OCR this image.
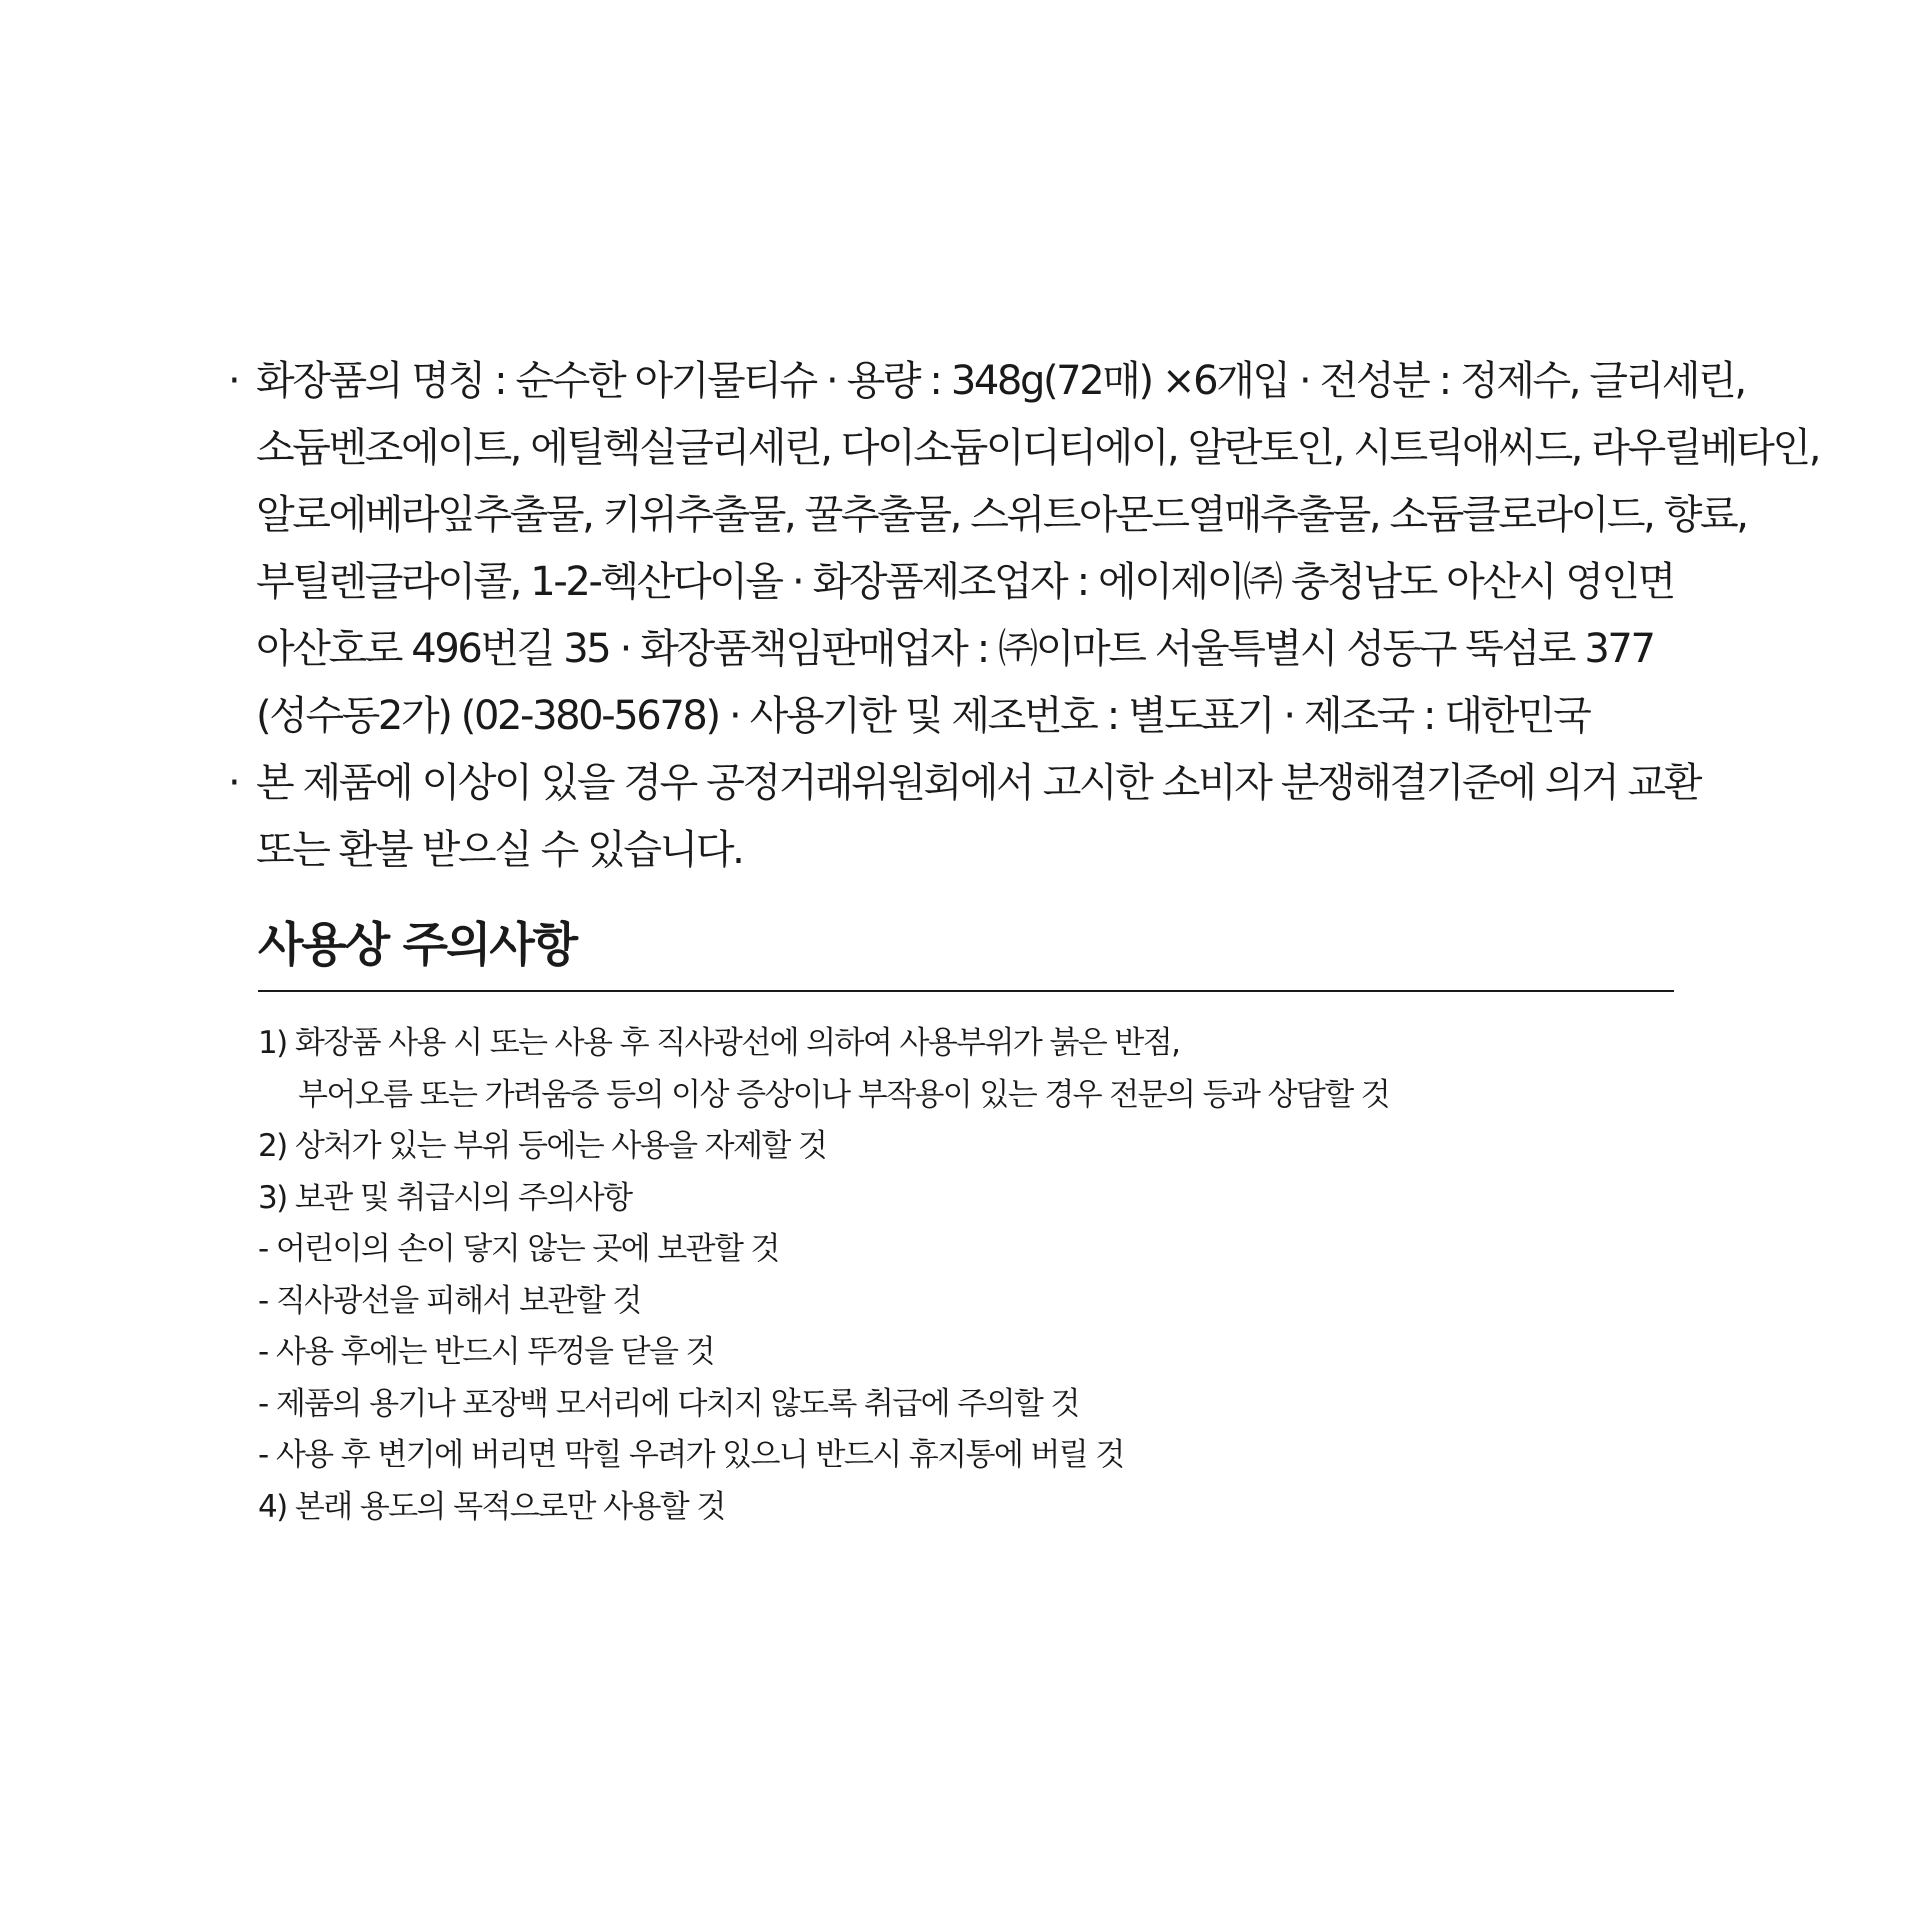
· 화장품의 명칭 : 순수한 아기물티슈 · 용량 : 348g(72매) ×6개입 · 전성분 : 정제수, 글리세린,
소듐벤조에이트, 에틸헥실글리세린, 다이소듐이디티에이, 알란토인, 시트릭애씨드, 라우릴베타인,
알로에베라잎추출물, 키위추출물, 꿀추출물, 스위트아몬드열매추출물, 소듐클로라이드, 향료,
부틸렌글라이콜, 1-2-헥산다이올 · 화장품제조업자 : 에이제이㈜ 충청남도 아산시 영인면
아산호로 496번길 35 · 화장품책임판매업자 : ㈜이마트 서울특별시 성동구 뚝섬로 377
(성수동2가) (02-380-5678) · 사용기한 및 제조번호 : 별도표기 · 제조국 : 대한민국
· 본 제품에 이상이 있을 경우 공정거래위원회에서 고시한 소비자 분쟁해결기준에 의거 교환
또는 환불 받으실 수 있습니다.
사용상 주의사항
1) 화장품 사용 시 또는 사용 후 직사광선에 의하여 사용부위가 붉은 반점,
부어오름 또는 가려움증 등의 이상 증상이나 부작용이 있는 경우 전문의 등과 상담할 것
2) 상처가 있는 부위 등에는 사용을 자제할 것
3) 보관 및 취급시의 주의사항
- 어린이의 손이 닿지 않는 곳에 보관할 것
- 직사광선을 피해서 보관할 것
- 사용 후에는 반드시 뚜껑을 닫을 것
- 제품의 용기나 포장백 모서리에 다치지 않도록 취급에 주의할 것
- 사용 후 변기에 버리면 막힐 우려가 있으니 반드시 휴지통에 버릴 것
4) 본래 용도의 목적으로만 사용할 것
